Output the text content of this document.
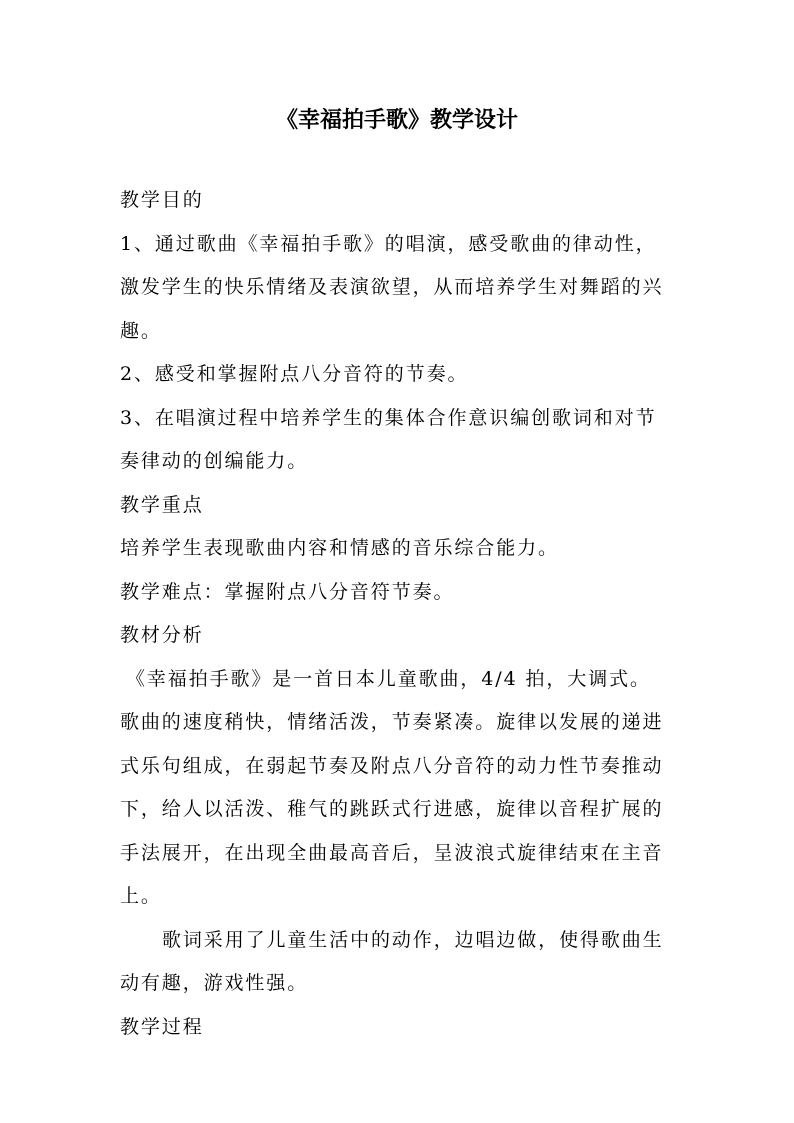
《幸福拍手歌》教学设计

教学目的

1、通过歌曲《幸福拍手歌》的唱演，感受歌曲的律动性，

激发学生的快乐情绪及表演欲望，从而培养学生对舞蹈的兴

趣。

2、感受和掌握附点八分音符的节奏。

3、在唱演过程中培养学生的集体合作意识编创歌词和对节

奏律动的创编能力。

教学重点

培养学生表现歌曲内容和情感的音乐综合能力。

教学难点：掌握附点八分音符节奏。

教材分析

《幸福拍手歌》是一首日本儿童歌曲，4/4 拍，大调式。

歌曲的速度稍快，情绪活泼，节奏紧凑。旋律以发展的递进

式乐句组成，在弱起节奏及附点八分音符的动力性节奏推动

下，给人以活泼、稚气的跳跃式行进感，旋律以音程扩展的

手法展开，在出现全曲最高音后，呈波浪式旋律结束在主音

上。

歌词采用了儿童生活中的动作，边唱边做，使得歌曲生

动有趣，游戏性强。

教学过程
